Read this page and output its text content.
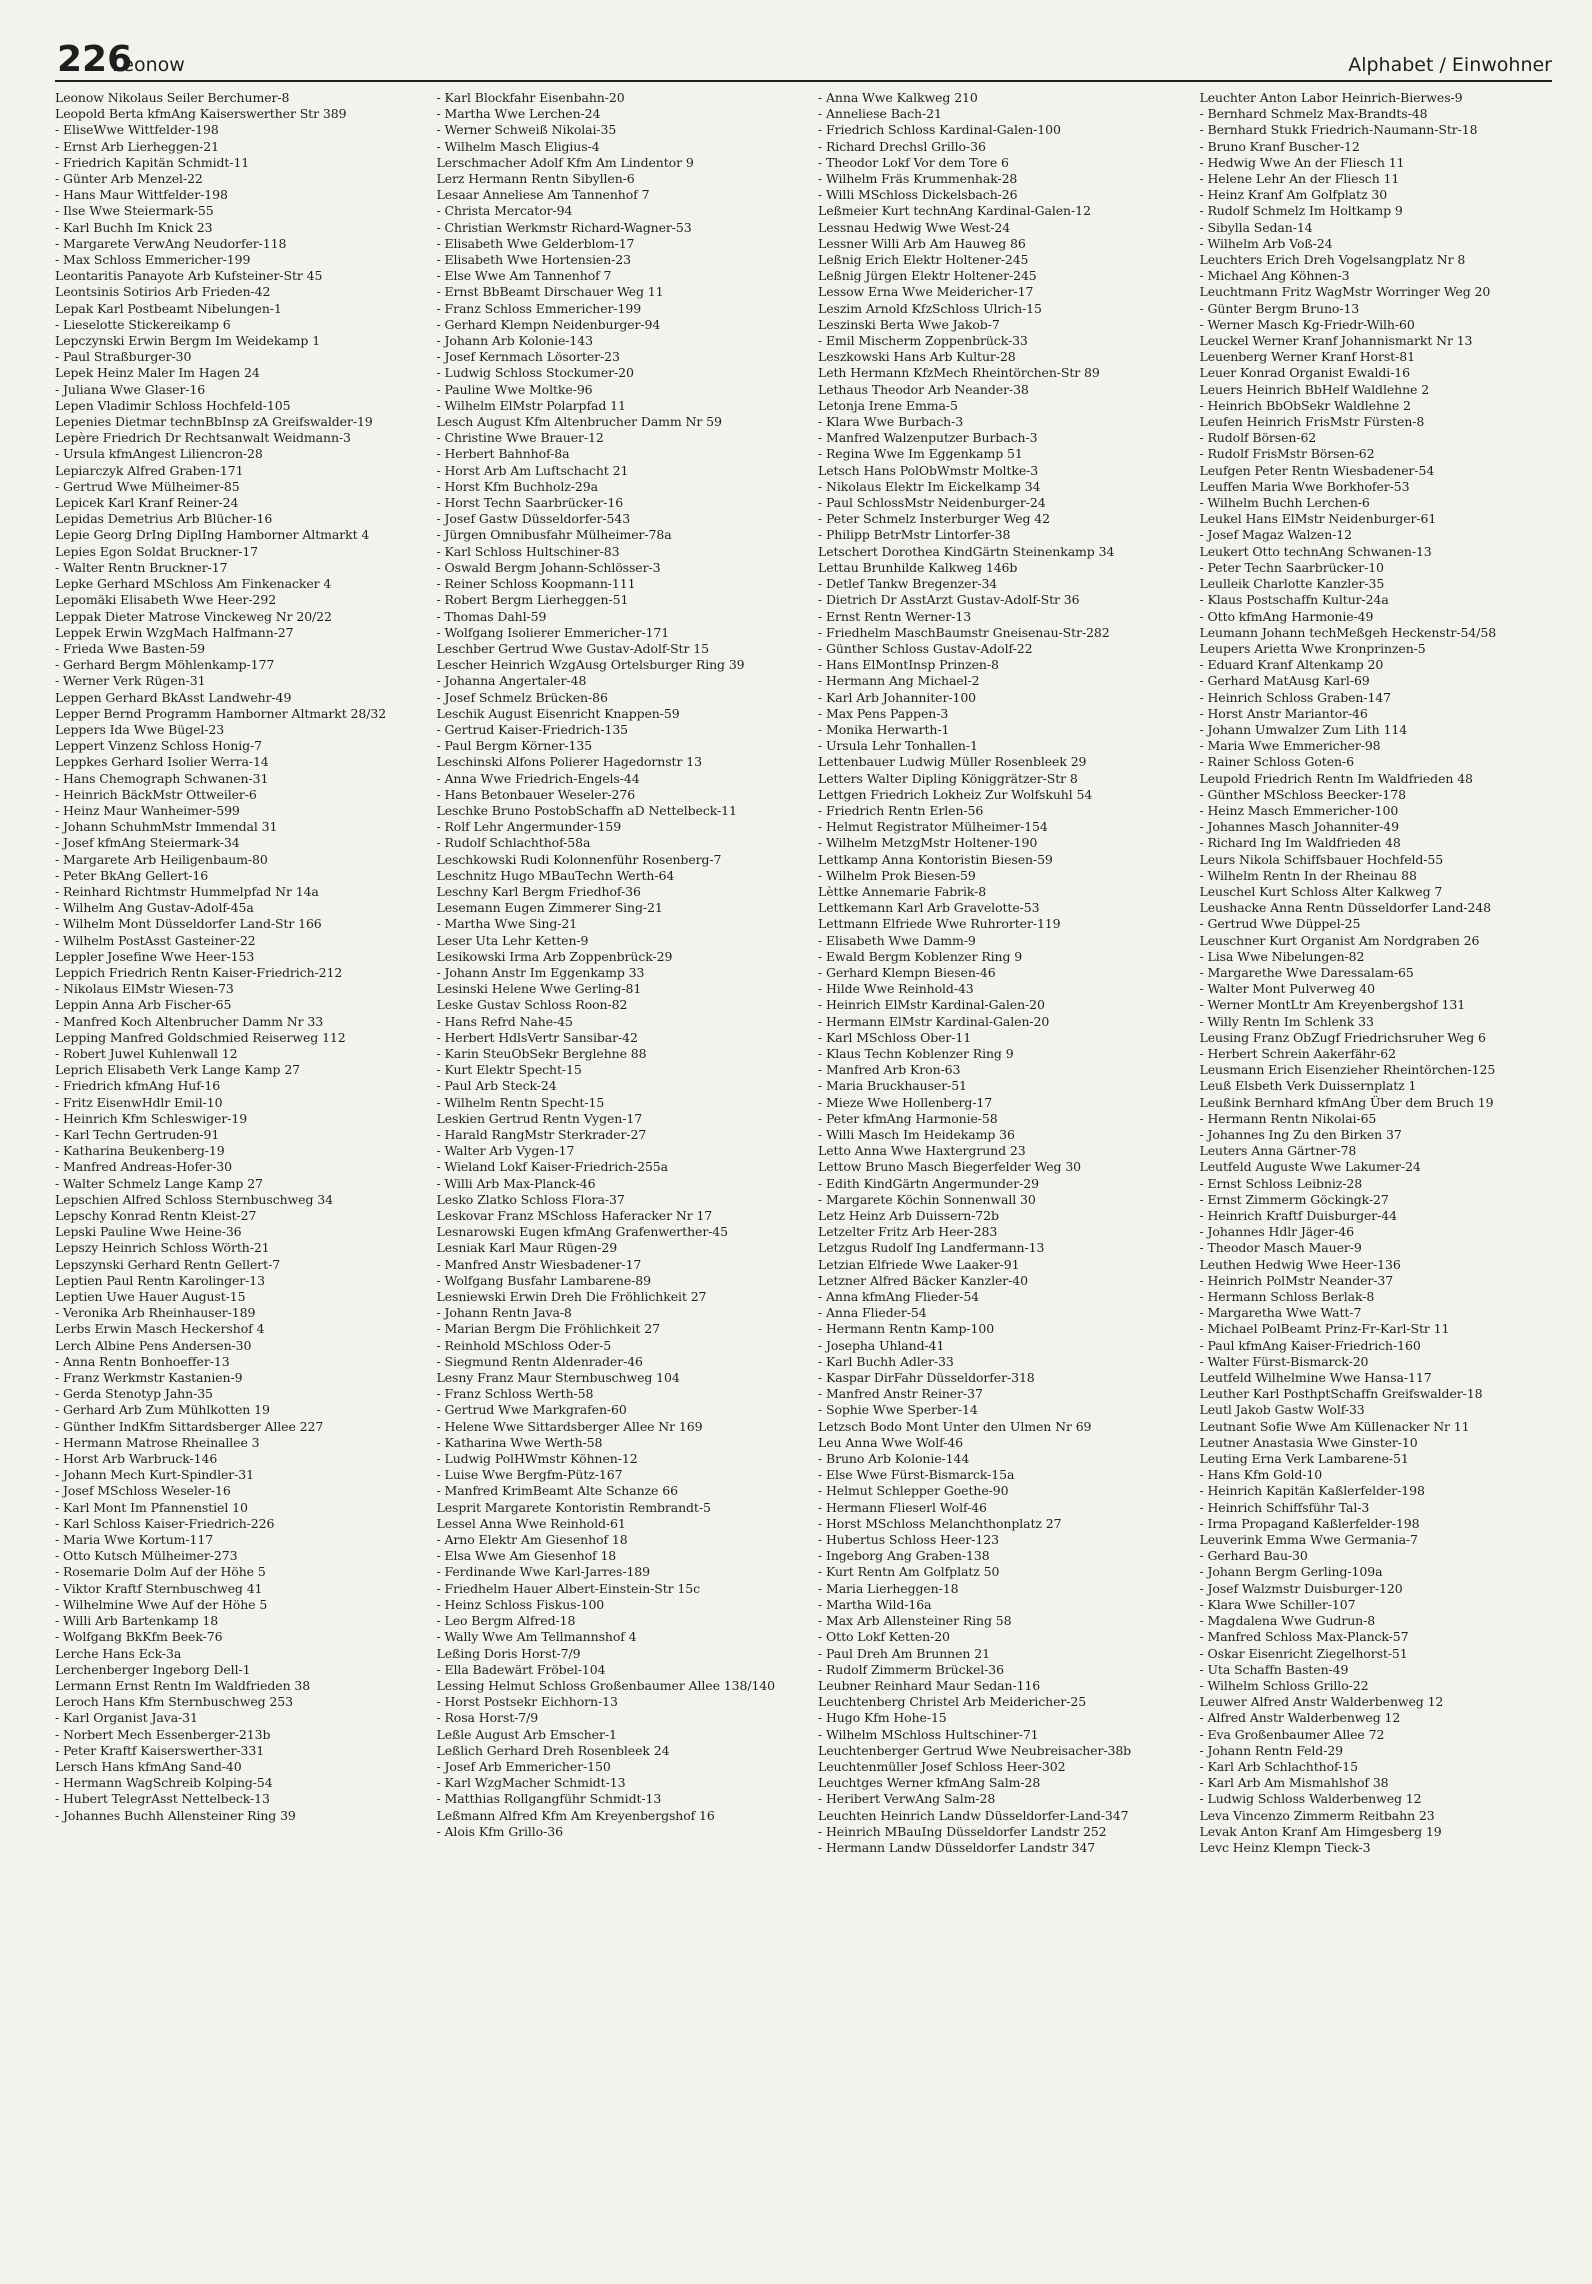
226
Leonow	Alphabet / Einwohner

Leonow Nikolaus Seiler Berchumer-8

Leopold Berta kfmAng Kaiserswerther Str 389

- EliseWwe Wittfelder-198

- Ernst Arb Lierheggen-21

- Friedrich Kapitän Schmidt-11

- Günter Arb Menzel-22

- Hans Maur Wittfelder-198

- Ilse Wwe Steiermark-55

- Karl Buchh Im Knick 23

- Margarete VerwAng Neudorfer-118

- Max Schloss Emmericher-199

Leontaritis Panayote Arb Kufsteiner-Str 45

Leontsinis Sotirios Arb Frieden-42

Lepak Karl Postbeamt Nibelungen-1

- Lieselotte Stickereikamp 6

Lepczynski Erwin Bergm Im Weidekamp 1

- Paul Straßburger-30

Lepek Heinz Maler Im Hagen 24

- Juliana Wwe Glaser-16

Lepen Vladimir Schloss Hochfeld-105

Lepenies Dietmar technBbInsp zA Greifswalder-19

Lepère Friedrich Dr Rechtsanwalt Weidmann-3

- Ursula kfmAngest Liliencron-28

Lepiarczyk Alfred Graben-171

- Gertrud Wwe Mülheimer-85

Lepicek Karl Kranf Reiner-24

Lepidas Demetrius Arb Blücher-16

Lepie Georg DrIng DiplIng Hamborner Altmarkt 4

Lepies Egon Soldat Bruckner-17

- Walter Rentn Bruckner-17

Lepke Gerhard MSchloss Am Finkenacker 4

Lepomäki Elisabeth Wwe Heer-292

Leppak Dieter Matrose Vinckeweg Nr 20/22

Leppek Erwin WzgMach Halfmann-27

- Frieda Wwe Basten-59

- Gerhard Bergm Möhlenkamp-177

- Werner Verk Rügen-31

Leppen Gerhard BkAsst Landwehr-49

Lepper Bernd Programm Hamborner Altmarkt 28/32

Leppers Ida Wwe Bügel-23

Leppert Vinzenz Schloss Honig-7

Leppkes Gerhard Isolier Werra-14

- Hans Chemograph Schwanen-31

- Heinrich BäckMstr Ottweiler-6

- Heinz Maur Wanheimer-599

- Johann SchuhmMstr Immendal 31

- Josef kfmAng Steiermark-34

- Margarete Arb Heiligenbaum-80

- Peter BkAng Gellert-16

- Reinhard Richtmstr Hummelpfad Nr 14a

- Wilhelm Ang Gustav-Adolf-45a

- Wilhelm Mont Düsseldorfer Land-Str 166

- Wilhelm PostAsst Gasteiner-22

Leppler Josefine Wwe Heer-153

Leppich Friedrich Rentn Kaiser-Friedrich-212

- Nikolaus ElMstr Wiesen-73

Leppin Anna Arb Fischer-65

- Manfred Koch Altenbrucher Damm Nr 33

Lepping Manfred Goldschmied Reiserweg 112

- Robert Juwel Kuhlenwall 12

Leprich Elisabeth Verk Lange Kamp 27

- Friedrich kfmAng Huf-16

- Fritz EisenwHdlr Emil-10

- Heinrich Kfm Schleswiger-19

- Karl Techn Gertruden-91

- Katharina Beukenberg-19

- Manfred Andreas-Hofer-30

- Walter Schmelz Lange Kamp 27

Lepschien Alfred Schloss Sternbuschweg 34

Lepschy Konrad Rentn Kleist-27

Lepski Pauline Wwe Heine-36

Lepszy Heinrich Schloss Wörth-21

Lepszynski Gerhard Rentn Gellert-7

Leptien Paul Rentn Karolinger-13

Leptien Uwe Hauer August-15

- Veronika Arb Rheinhauser-189

Lerbs Erwin Masch Heckershof 4

Lerch Albine Pens Andersen-30

- Anna Rentn Bonhoeffer-13

- Franz Werkmstr Kastanien-9

- Gerda Stenotyp Jahn-35

- Gerhard Arb Zum Mühlkotten 19

- Günther IndKfm Sittardsberger Allee 227

- Hermann Matrose Rheinallee 3

- Horst Arb Warbruck-146

- Johann Mech Kurt-Spindler-31

- Josef MSchloss Weseler-16

- Karl Mont Im Pfannenstiel 10

- Karl Schloss Kaiser-Friedrich-226

- Maria Wwe Kortum-117

- Otto Kutsch Mülheimer-273

- Rosemarie Dolm Auf der Höhe 5

- Viktor Kraftf Sternbuschweg 41

- Wilhelmine Wwe Auf der Höhe 5

- Willi Arb Bartenkamp 18

- Wolfgang BkKfm Beek-76

Lerche Hans Eck-3a

Lerchenberger Ingeborg Dell-1

Lermann Ernst Rentn Im Waldfrieden 38

Leroch Hans Kfm Sternbuschweg 253

- Karl Organist Java-31

- Norbert Mech Essenberger-213b

- Peter Kraftf Kaiserswerther-331

Lersch Hans kfmAng Sand-40

- Hermann WagSchreib Kolping-54

- Hubert TelegrAsst Nettelbeck-13

- Johannes Buchh Allensteiner Ring 39

- Karl Blockfahr Eisenbahn-20

- Martha Wwe Lerchen-24

- Werner Schweiß Nikolai-35

- Wilhelm Masch Eligius-4

Lerschmacher Adolf Kfm Am Lindentor 9

Lerz Hermann Rentn Sibyllen-6

Lesaar Anneliese Am Tannenhof 7

- Christa Mercator-94

- Christian Werkmstr Richard-Wagner-53

- Elisabeth Wwe Gelderblom-17

- Elisabeth Wwe Hortensien-23

- Else Wwe Am Tannenhof 7

- Ernst BbBeamt Dirschauer Weg 11

- Franz Schloss Emmericher-199

- Gerhard Klempn Neidenburger-94

- Johann Arb Kolonie-143

- Josef Kernmach Lösorter-23

- Ludwig Schloss Stockumer-20

- Pauline Wwe Moltke-96

- Wilhelm ElMstr Polarpfad 11

Lesch August Kfm Altenbrucher Damm Nr 59

- Christine Wwe Brauer-12

- Herbert Bahnhof-8a

- Horst Arb Am Luftschacht 21

- Horst Kfm Buchholz-29a

- Horst Techn Saarbrücker-16

- Josef Gastw Düsseldorfer-543

- Jürgen Omnibusfahr Mülheimer-78a

- Karl Schloss Hultschiner-83

- Oswald Bergm Johann-Schlösser-3

- Reiner Schloss Koopmann-111

- Robert Bergm Lierheggen-51

- Thomas Dahl-59

- Wolfgang Isolierer Emmericher-171

Leschber Gertrud Wwe Gustav-Adolf-Str 15

Lescher Heinrich WzgAusg Ortelsburger Ring 39

- Johanna Angertaler-48

- Josef Schmelz Brücken-86

Leschik August Eisenricht Knappen-59

- Gertrud Kaiser-Friedrich-135

- Paul Bergm Körner-135

Leschinski Alfons Polierer Hagedornstr 13

- Anna Wwe Friedrich-Engels-44

- Hans Betonbauer Weseler-276

Leschke Bruno PostobSchaffn aD Nettelbeck-11

- Rolf Lehr Angermunder-159

- Rudolf Schlachthof-58a

Leschkowski Rudi Kolonnenführ Rosenberg-7

Leschnitz Hugo MBauTechn Werth-64

Leschny Karl Bergm Friedhof-36

Lesemann Eugen Zimmerer Sing-21

- Martha Wwe Sing-21

Leser Uta Lehr Ketten-9

Lesikowski Irma Arb Zoppenbrück-29

- Johann Anstr Im Eggenkamp 33

Lesinski Helene Wwe Gerling-81

Leske Gustav Schloss Roon-82

- Hans Refrd Nahe-45

- Herbert HdlsVertr Sansibar-42

- Karin SteuObSekr Berglehne 88

- Kurt Elektr Specht-15

- Paul Arb Steck-24

- Wilhelm Rentn Specht-15

Leskien Gertrud Rentn Vygen-17

- Harald RangMstr Sterkrader-27

- Walter Arb Vygen-17

- Wieland Lokf Kaiser-Friedrich-255a

- Willi Arb Max-Planck-46

Lesko Zlatko Schloss Flora-37

Leskovar Franz MSchloss Haferacker Nr 17

Lesnarowski Eugen kfmAng Grafenwerther-45

Lesniak Karl Maur Rügen-29

- Manfred Anstr Wiesbadener-17

- Wolfgang Busfahr Lambarene-89

Lesniewski Erwin Dreh Die Fröhlichkeit 27

- Johann Rentn Java-8

- Marian Bergm Die Fröhlichkeit 27

- Reinhold MSchloss Oder-5

- Siegmund Rentn Aldenrader-46

Lesny Franz Maur Sternbuschweg 104

- Franz Schloss Werth-58

- Gertrud Wwe Markgrafen-60

- Helene Wwe Sittardsberger Allee Nr 169

- Katharina Wwe Werth-58

- Ludwig PolHWmstr Köhnen-12

- Luise Wwe Bergfm-Pütz-167

- Manfred KrimBeamt Alte Schanze 66

Lesprit Margarete Kontoristin Rembrandt-5

Lessel Anna Wwe Reinhold-61

- Arno Elektr Am Giesenhof 18

- Elsa Wwe Am Giesenhof 18

- Ferdinande Wwe Karl-Jarres-189

- Friedhelm Hauer Albert-Einstein-Str 15c

- Heinz Schloss Fiskus-100

- Leo Bergm Alfred-18

- Wally Wwe Am Tellmannshof 4

Leßing Doris Horst-7/9

- Ella Badewärt Fröbel-104

Lessing Helmut Schloss Großenbaumer Allee 138/140

- Horst Postsekr Eichhorn-13

- Rosa Horst-7/9

Leßle August Arb Emscher-1

Leßlich Gerhard Dreh Rosenbleek 24

- Josef Arb Emmericher-150

- Karl WzgMacher Schmidt-13

- Matthias Rollgangführ Schmidt-13

Leßmann Alfred Kfm Am Kreyenbergshof 16

- Alois Kfm Grillo-36

- Anna Wwe Kalkweg 210

- Anneliese Bach-21

- Friedrich Schloss Kardinal-Galen-100

- Richard Drechsl Grillo-36

- Theodor Lokf Vor dem Tore 6

- Wilhelm Fräs Krummenhak-28

- Willi MSchloss Dickelsbach-26

Leßmeier Kurt technAng Kardinal-Galen-12

Lessnau Hedwig Wwe West-24

Lessner Willi Arb Am Hauweg 86

Leßnig Erich Elektr Holtener-245

Leßnig Jürgen Elektr Holtener-245

Lessow Erna Wwe Meidericher-17

Leszim Arnold KfzSchloss Ulrich-15

Leszinski Berta Wwe Jakob-7

- Emil Mischerm Zoppenbrück-33

Leszkowski Hans Arb Kultur-28

Leth Hermann KfzMech Rheintörchen-Str 89

Lethaus Theodor Arb Neander-38

Letonja Irene Emma-5

- Klara Wwe Burbach-3

- Manfred Walzenputzer Burbach-3

- Regina Wwe Im Eggenkamp 51

Letsch Hans PolObWmstr Moltke-3

- Nikolaus Elektr Im Eickelkamp 34

- Paul SchlossMstr Neidenburger-24

- Peter Schmelz Insterburger Weg 42

- Philipp BetrMstr Lintorfer-38

Letschert Dorothea KindGärtn Steinenkamp 34

Lettau Brunhilde Kalkweg 146b

- Detlef Tankw Bregenzer-34

- Dietrich Dr AsstArzt Gustav-Adolf-Str 36

- Ernst Rentn Werner-13

- Friedhelm MaschBaumstr Gneisenau-Str-282

- Günther Schloss Gustav-Adolf-22

- Hans ElMontInsp Prinzen-8

- Hermann Ang Michael-2

- Karl Arb Johanniter-100

- Max Pens Pappen-3

- Monika Herwarth-1

- Ursula Lehr Tonhallen-1

Lettenbauer Ludwig Müller Rosenbleek 29

Letters Walter Dipling Königgrätzer-Str 8

Lettgen Friedrich Lokheiz Zur Wolfskuhl 54

- Friedrich Rentn Erlen-56

- Helmut Registrator Mülheimer-154

- Wilhelm MetzgMstr Holtener-190

Lettkamp Anna Kontoristin Biesen-59

- Wilhelm Prok Biesen-59

Lèttke Annemarie Fabrik-8

Lettkemann Karl Arb Gravelotte-53

Lettmann Elfriede Wwe Ruhrorter-119

- Elisabeth Wwe Damm-9

- Ewald Bergm Koblenzer Ring 9

- Gerhard Klempn Biesen-46

- Hilde Wwe Reinhold-43

- Heinrich ElMstr Kardinal-Galen-20

- Hermann ElMstr Kardinal-Galen-20

- Karl MSchloss Ober-11

- Klaus Techn Koblenzer Ring 9

- Manfred Arb Kron-63

- Maria Bruckhauser-51

- Mieze Wwe Hollenberg-17

- Peter kfmAng Harmonie-58

- Willi Masch Im Heidekamp 36

Letto Anna Wwe Haxtergrund 23

Lettow Bruno Masch Biegerfelder Weg 30

- Edith KindGärtn Angermunder-29

- Margarete Köchin Sonnenwall 30

Letz Heinz Arb Duissern-72b

Letzelter Fritz Arb Heer-283

Letzgus Rudolf Ing Landfermann-13

Letzian Elfriede Wwe Laaker-91

Letzner Alfred Bäcker Kanzler-40

- Anna kfmAng Flieder-54

- Anna Flieder-54

- Hermann Rentn Kamp-100

- Josepha Uhland-41

- Karl Buchh Adler-33

- Kaspar DirFahr Düsseldorfer-318

- Manfred Anstr Reiner-37

- Sophie Wwe Sperber-14

Letzsch Bodo Mont Unter den Ulmen Nr 69

Leu Anna Wwe Wolf-46

- Bruno Arb Kolonie-144

- Else Wwe Fürst-Bismarck-15a

- Helmut Schlepper Goethe-90

- Hermann Flieserl Wolf-46

- Horst MSchloss Melanchthonplatz 27

- Hubertus Schloss Heer-123

- Ingeborg Ang Graben-138

- Kurt Rentn Am Golfplatz 50

- Maria Lierheggen-18

- Martha Wild-16a

- Max Arb Allensteiner Ring 58

- Otto Lokf Ketten-20

- Paul Dreh Am Brunnen 21

- Rudolf Zimmerm Brückel-36

Leubner Reinhard Maur Sedan-116

Leuchtenberg Christel Arb Meidericher-25

- Hugo Kfm Hohe-15

- Wilhelm MSchloss Hultschiner-71

Leuchtenberger Gertrud Wwe Neubreisacher-38b

Leuchtenmüller Josef Schloss Heer-302

Leuchtges Werner kfmAng Salm-28

- Heribert VerwAng Salm-28

Leuchten Heinrich Landw Düsseldorfer-Land-347

- Heinrich MBauIng Düsseldorfer Landstr 252

- Hermann Landw Düsseldorfer Landstr 347

Leuchter Anton Labor Heinrich-Bierwes-9

- Bernhard Schmelz Max-Brandts-48

- Bernhard Stukk Friedrich-Naumann-Str-18

- Bruno Kranf Buscher-12

- Hedwig Wwe An der Fliesch 11

- Helene Lehr An der Fliesch 11

- Heinz Kranf Am Golfplatz 30

- Rudolf Schmelz Im Holtkamp 9

- Sibylla Sedan-14

- Wilhelm Arb Voß-24

Leuchters Erich Dreh Vogelsangplatz Nr 8

- Michael Ang Köhnen-3

Leuchtmann Fritz WagMstr Worringer Weg 20

- Günter Bergm Bruno-13

- Werner Masch Kg-Friedr-Wilh-60

Leuckel Werner Kranf Johannismarkt Nr 13

Leuenberg Werner Kranf Horst-81

Leuer Konrad Organist Ewaldi-16

Leuers Heinrich BbHelf Waldlehne 2

- Heinrich BbObSekr Waldlehne 2

Leufen Heinrich FrisMstr Fürsten-8

- Rudolf Börsen-62

- Rudolf FrisMstr Börsen-62

Leufgen Peter Rentn Wiesbadener-54

Leuffen Maria Wwe Borkhofer-53

- Wilhelm Buchh Lerchen-6

Leukel Hans ElMstr Neidenburger-61

- Josef Magaz Walzen-12

Leukert Otto technAng Schwanen-13

- Peter Techn Saarbrücker-10

Leulleik Charlotte Kanzler-35

- Klaus Postschaffn Kultur-24a

- Otto kfmAng Harmonie-49

Leumann Johann techMeßgeh Heckenstr-54/58

Leupers Arietta Wwe Kronprinzen-5

- Eduard Kranf Altenkamp 20

- Gerhard MatAusg Karl-69

- Heinrich Schloss Graben-147

- Horst Anstr Mariantor-46

- Johann Umwalzer Zum Lith 114

- Maria Wwe Emmericher-98

- Rainer Schloss Goten-6

Leupold Friedrich Rentn Im Waldfrieden 48

- Günther MSchloss Beecker-178

- Heinz Masch Emmericher-100

- Johannes Masch Johanniter-49

- Richard Ing Im Waldfrieden 48

Leurs Nikola Schiffsbauer Hochfeld-55

- Wilhelm Rentn In der Rheinau 88

Leuschel Kurt Schloss Alter Kalkweg 7

Leushacke Anna Rentn Düsseldorfer Land-248

- Gertrud Wwe Düppel-25

Leuschner Kurt Organist Am Nordgraben 26

- Lisa Wwe Nibelungen-82

- Margarethe Wwe Daressalam-65

- Walter Mont Pulverweg 40

- Werner MontLtr Am Kreyenbergshof 131

- Willy Rentn Im Schlenk 33

Leusing Franz ObZugf Friedrichsruher Weg 6

- Herbert Schrein Aakerfähr-62

Leusmann Erich Eisenzieher Rheintörchen-125

Leuß Elsbeth Verk Duissernplatz 1

Leußink Bernhard kfmAng Über dem Bruch 19

- Hermann Rentn Nikolai-65

- Johannes Ing Zu den Birken 37

Leuters Anna Gärtner-78

Leutfeld Auguste Wwe Lakumer-24

- Ernst Schloss Leibniz-28

- Ernst Zimmerm Göckingk-27

- Heinrich Kraftf Duisburger-44

- Johannes Hdlr Jäger-46

- Theodor Masch Mauer-9

Leuthen Hedwig Wwe Heer-136

- Heinrich PolMstr Neander-37

- Hermann Schloss Berlak-8

- Margaretha Wwe Watt-7

- Michael PolBeamt Prinz-Fr-Karl-Str 11

- Paul kfmAng Kaiser-Friedrich-160

- Walter Fürst-Bismarck-20

Leutfeld Wilhelmine Wwe Hansa-117

Leuther Karl PosthptSchaffn Greifswalder-18

Leutl Jakob Gastw Wolf-33

Leutnant Sofie Wwe Am Küllenacker Nr 11

Leutner Anastasia Wwe Ginster-10

Leuting Erna Verk Lambarene-51

- Hans Kfm Gold-10

- Heinrich Kapitän Kaßlerfelder-198

- Heinrich Schiffsführ Tal-3

- Irma Propagand Kaßlerfelder-198

Leuverink Emma Wwe Germania-7

- Gerhard Bau-30

- Johann Bergm Gerling-109a

- Josef Walzmstr Duisburger-120

- Klara Wwe Schiller-107

- Magdalena Wwe Gudrun-8

- Manfred Schloss Max-Planck-57

- Oskar Eisenricht Ziegelhorst-51

- Uta Schaffn Basten-49

- Wilhelm Schloss Grillo-22

Leuwer Alfred Anstr Walderbenweg 12

- Alfred Anstr Walderbenweg 12

- Eva Großenbaumer Allee 72

- Johann Rentn Feld-29

- Karl Arb Schlachthof-15

- Karl Arb Am Mismahlshof 38

- Ludwig Schloss Walderbenweg 12

Leva Vincenzo Zimmerm Reitbahn 23

Levak Anton Kranf Am Himgesberg 19

Levc Heinz Klempn Tieck-3
